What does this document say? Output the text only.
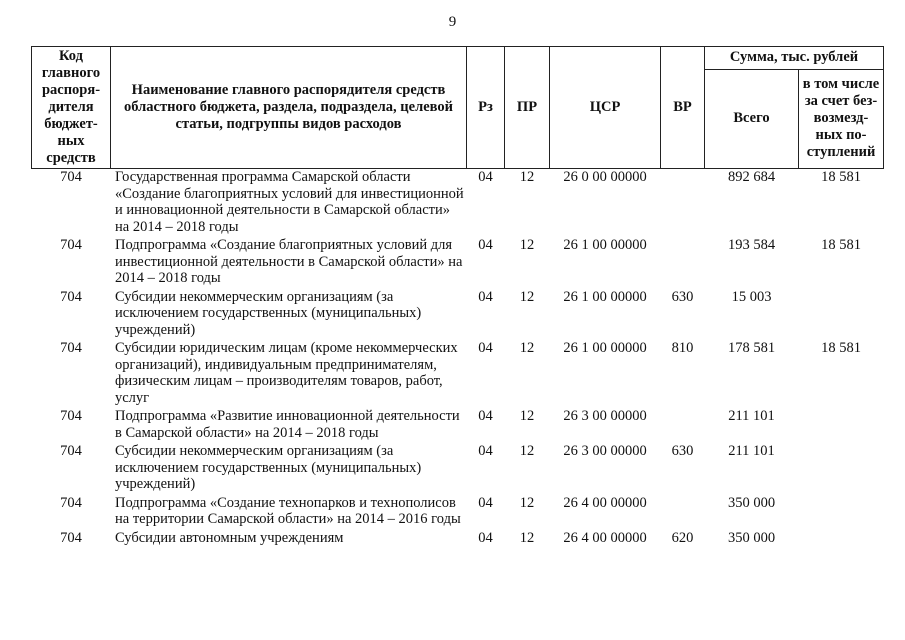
9
Код главного распоря-дителя бюджет-ных средств	Наименование главного распорядителя средств областного бюджета, раздела, подраздела, целевой статьи, подгруппы видов расходов	Рз	ПР	ЦСР	ВР	Сумма, тыс. рублей	
						Всего	в том числе за счет без-возмезд-ных по-ступлений
704	Государственная программа Самарской области «Создание благоприятных условий для инвестиционной и инновационной деятельности в Самарской области» на 2014 – 2018 годы	04	12	26 0 00 00000		892 684	18 581
704	Подпрограмма «Создание благоприятных условий для инвестиционной деятельности в Самарской области» на 2014 – 2018 годы	04	12	26 1 00 00000		193 584	18 581
704	Субсидии некоммерческим организациям (за исключением государственных (муниципальных) учреждений)	04	12	26 1 00 00000	630	15 003	
704	Субсидии юридическим лицам (кроме некоммерческих организаций), индивидуальным предпринимателям, физическим лицам – производителям товаров, работ, услуг	04	12	26 1 00 00000	810	178 581	18 581
704	Подпрограмма «Развитие инновационной деятельности в Самарской области» на 2014 – 2018 годы	04	12	26 3 00 00000		211 101	
704	Субсидии некоммерческим организациям (за исключением государственных (муниципальных) учреждений)	04	12	26 3 00 00000	630	211 101	
704	Подпрограмма «Создание технопарков и технополисов на территории Самарской области» на 2014 – 2016 годы	04	12	26 4 00 00000		350 000	
704	Субсидии автономным учреждениям	04	12	26 4 00 00000	620	350 000	
